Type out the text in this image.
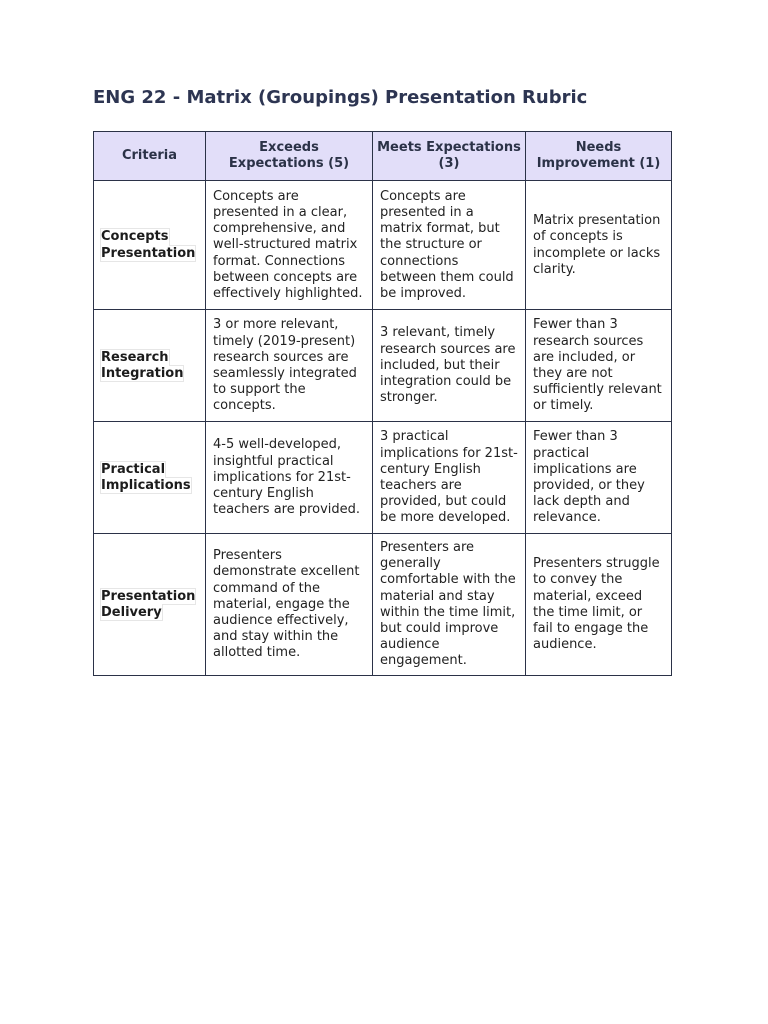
ENG 22 - Matrix (Groupings) Presentation Rubric
Criteria	Exceeds Expectations (5)	Meets Expectations (3)	Needs Improvement (1)
Concepts Presentation	Concepts are presented in a clear, comprehensive, and well-structured matrix format. Connections between concepts are effectively highlighted.	Concepts are presented in a matrix format, but the structure or connections between them could be improved.	Matrix presentation of concepts is incomplete or lacks clarity.
Research Integration	3 or more relevant, timely (2019-present) research sources are seamlessly integrated to support the concepts.	3 relevant, timely research sources are included, but their integration could be stronger.	Fewer than 3 research sources are included, or they are not sufficiently relevant or timely.
Practical Implications	4-5 well-developed, insightful practical implications for 21st-century English teachers are provided.	3 practical implications for 21st-century English teachers are provided, but could be more developed.	Fewer than 3 practical implications are provided, or they lack depth and relevance.
Presentation Delivery	Presenters demonstrate excellent command of the material, engage the audience effectively, and stay within the allotted time.	Presenters are generally comfortable with the material and stay within the time limit, but could improve audience engagement.	Presenters struggle to convey the material, exceed the time limit, or fail to engage the audience.
